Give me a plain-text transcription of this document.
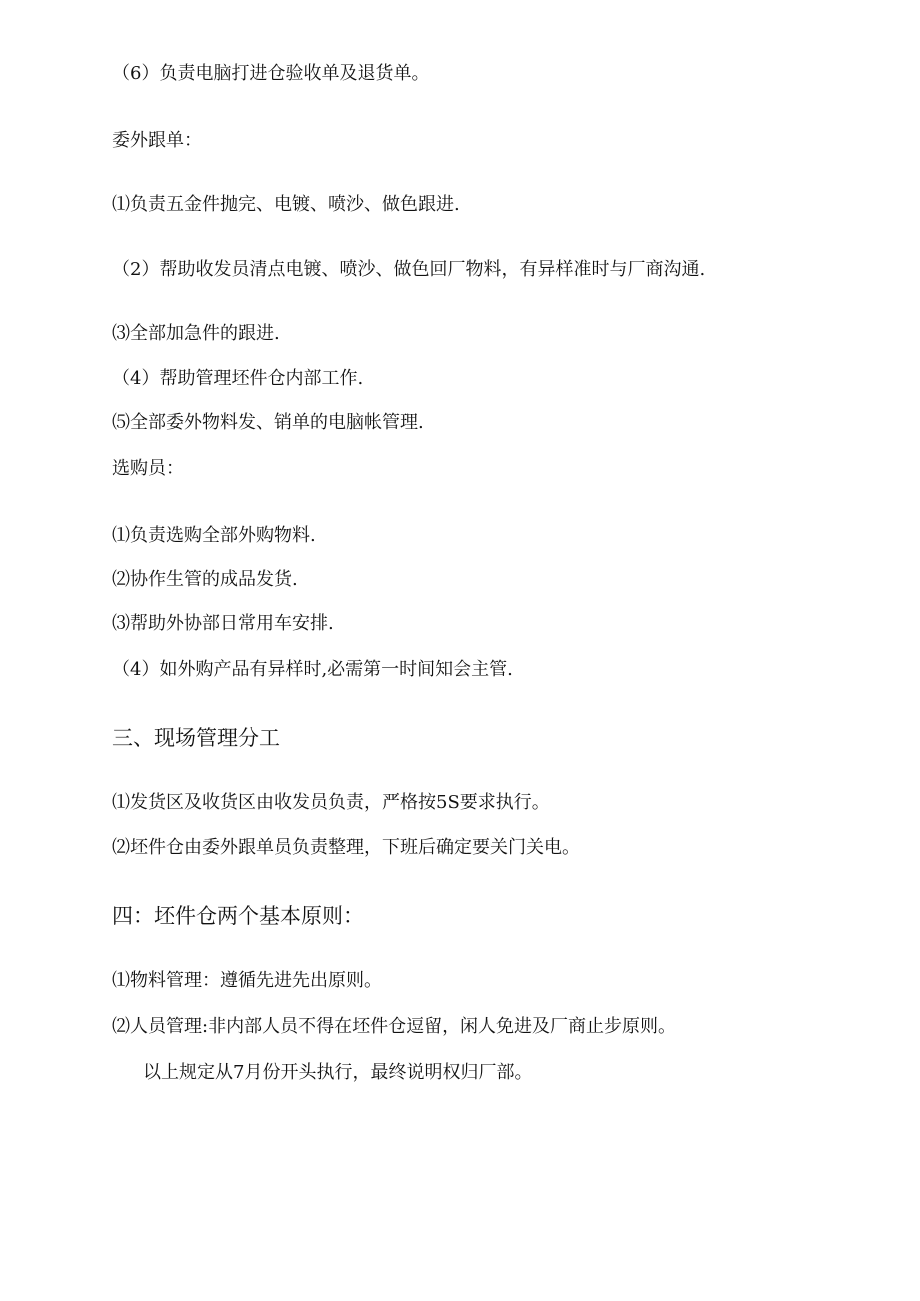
（6）负责电脑打进仓验收单及退货单。
委外跟单：
⑴负责五金件抛完、电镀、喷沙、做色跟进.
（2）帮助收发员清点电镀、喷沙、做色回厂物料，有异样准时与厂商沟通.
⑶全部加急件的跟进.
（4）帮助管理坯件仓内部工作.
⑸全部委外物料发、销单的电脑帐管理.
选购员：
⑴负责选购全部外购物料.
⑵协作生管的成品发货.
⑶帮助外协部日常用车安排.
（4）如外购产品有异样时,必需第一时间知会主管.
三、现场管理分工
⑴发货区及收货区由收发员负责，严格按5S要求执行。
⑵坯件仓由委外跟单员负责整理，下班后确定要关门关电。
四：坯件仓两个基本原则：
⑴物料管理：遵循先进先出原则。
⑵人员管理:非内部人员不得在坯件仓逗留，闲人免进及厂商止步原则。
以上规定从7月份开头执行，最终说明权归厂部。
